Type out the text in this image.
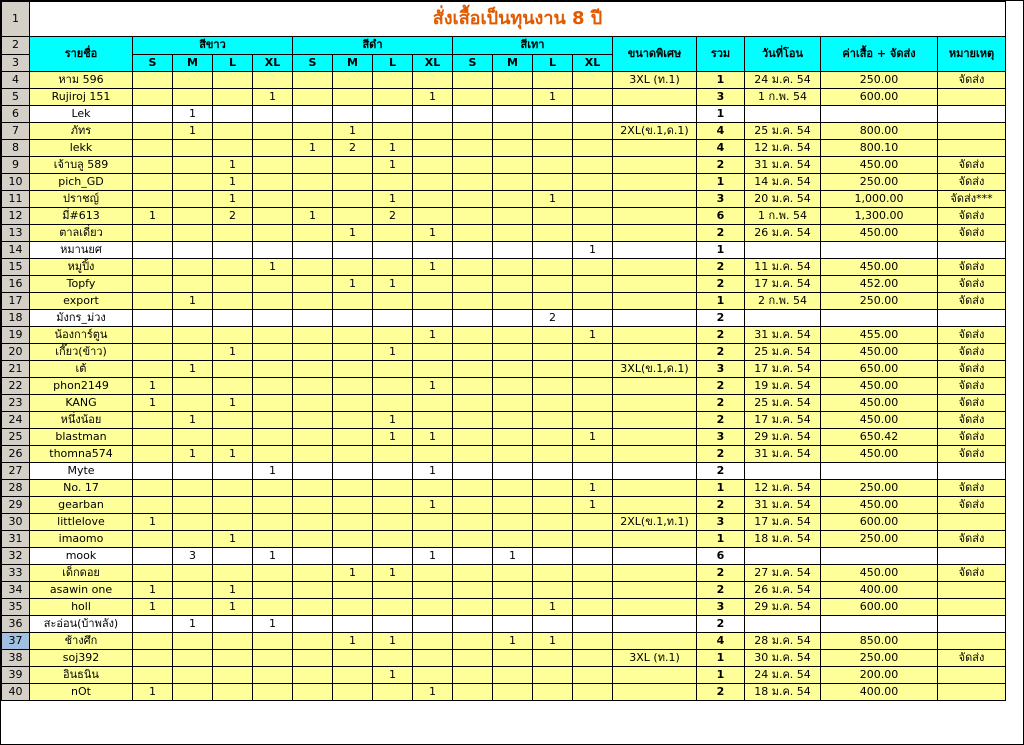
1	สั่งเสื้อเป็นทุนงาน 8 ปี																	
2	รายชื่อ	สีขาว				สีดำ				สีเทา				ขนาดพิเศษ	รวม	วันที่โอน	ค่าเสื้อ + จัดส่ง	หมายเหตุ
3		S	M	L	XL	S	M	L	XL	S	M	L	XL					
4	หาม 596													3XL (ท.1)	1	24 ม.ค. 54	250.00	จัดส่ง
5	Rujiroj 151				1				1			1			3	1 ก.พ. 54	600.00	
6	Lek		1												1			
7	ภัทร		1				1							2XL(ข.1,ด.1)	4	25 ม.ค. 54	800.00	
8	lekk					1	2	1							4	12 ม.ค. 54	800.10	
9	เจ้าบลู 589			1				1							2	31 ม.ค. 54	450.00	จัดส่ง
10	pich_GD			1											1	14 ม.ค. 54	250.00	จัดส่ง
11	ปราชญ์			1				1				1			3	20 ม.ค. 54	1,000.00	จัดส่ง***
12	มี่#613	1		2		1		2							6	1 ก.พ. 54	1,300.00	จัดส่ง
13	ตาลเดี่ยว						1		1						2	26 ม.ค. 54	450.00	จัดส่ง
14	หมานยศ												1		1			
15	หมูปิ้ง				1				1						2	11 ม.ค. 54	450.00	จัดส่ง
16	Topfy						1	1							2	17 ม.ค. 54	452.00	จัดส่ง
17	export		1												1	2 ก.พ. 54	250.00	จัดส่ง
18	มังกร_ม่วง											2			2			
19	น้องการ์ตูน								1				1		2	31 ม.ค. 54	455.00	จัดส่ง
20	เกี๊ยว(ข้าว)			1				1							2	25 ม.ค. 54	450.00	จัดส่ง
21	เต้		1											3XL(ข.1,ด.1)	3	17 ม.ค. 54	650.00	จัดส่ง
22	phon2149	1							1						2	19 ม.ค. 54	450.00	จัดส่ง
23	KANG	1		1											2	25 ม.ค. 54	450.00	จัดส่ง
24	หนึ่งน้อย		1					1							2	17 ม.ค. 54	450.00	จัดส่ง
25	blastman							1	1				1		3	29 ม.ค. 54	650.42	จัดส่ง
26	thomna574		1	1											2	31 ม.ค. 54	450.00	จัดส่ง
27	Myte				1				1						2			
28	No. 17												1		1	12 ม.ค. 54	250.00	จัดส่ง
29	gearban								1				1		2	31 ม.ค. 54	450.00	จัดส่ง
30	littlelove	1												2XL(ข.1,ท.1)	3	17 ม.ค. 54	600.00	
31	imaomo			1											1	18 ม.ค. 54	250.00	จัดส่ง
32	mook		3		1				1		1				6			
33	เด็กดอย						1	1							2	27 ม.ค. 54	450.00	จัดส่ง
34	asawin one	1		1											2	26 ม.ค. 54	400.00	
35	holl	1		1								1			3	29 ม.ค. 54	600.00	
36	สะอ่อน(บ้าพลัง)		1		1										2			
37	ช้างศึก						1	1			1	1			4	28 ม.ค. 54	850.00	
38	soj392													3XL (ท.1)	1	30 ม.ค. 54	250.00	จัดส่ง
39	อินธนิน							1							1	24 ม.ค. 54	200.00	
40	nOt	1							1						2	18 ม.ค. 54	400.00	
